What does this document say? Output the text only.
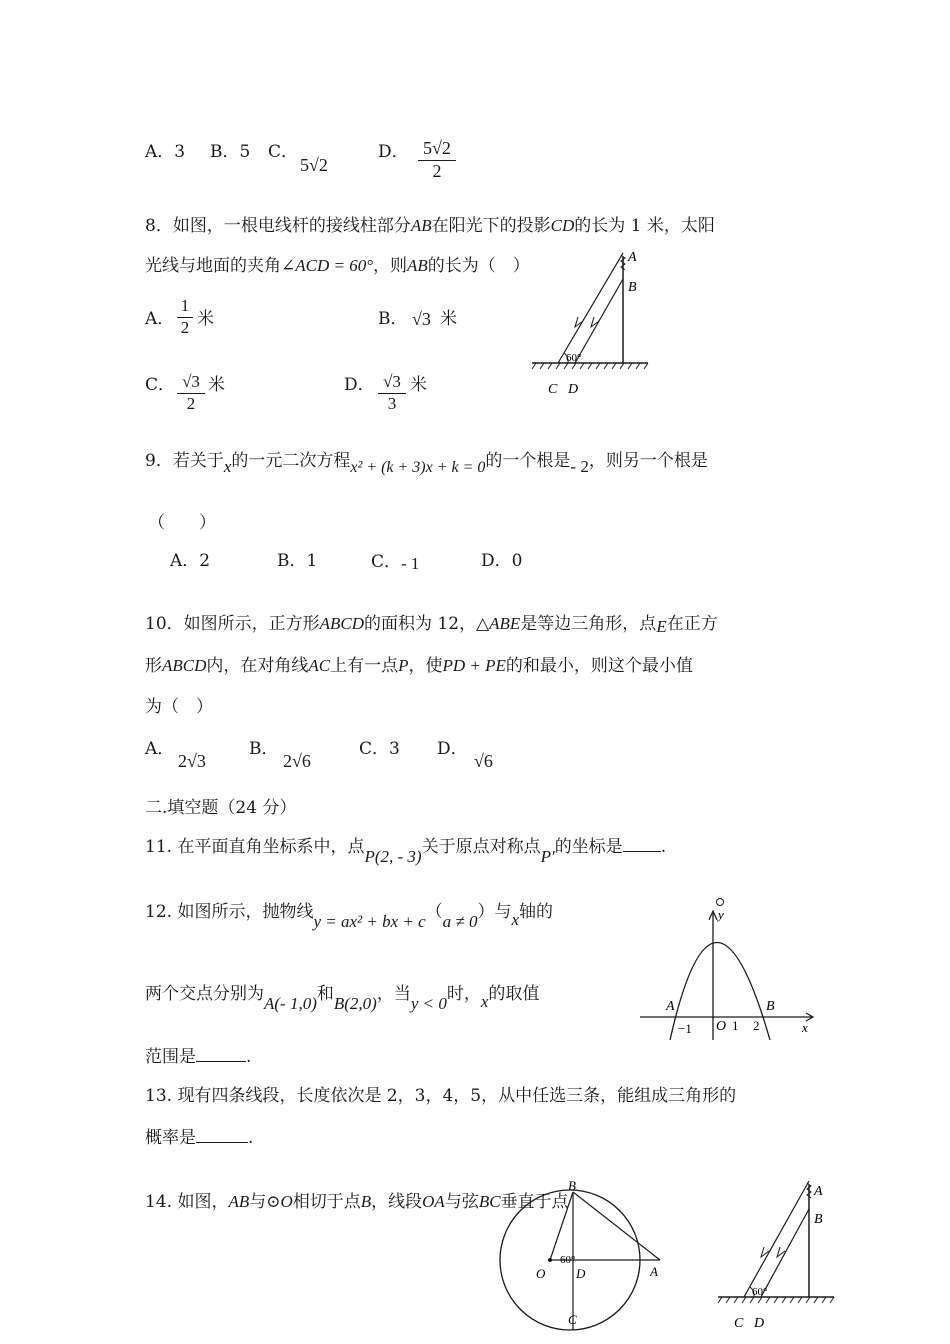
A．3 B．5 C．
5√2
D． 5√2
2
8．如图，一根电线杆的接线柱部分AB在阳光下的投影CD的长为 1 米，太阳
光线与地面的夹角∠ACD = 60°，则AB的长为（　）
A．
1
2 米	B． √3 米
C． √3
2
米	D． √3
3
米
60°
A
B
C D
9．若关于x的一元二次方程x² + (k + 3)x + k = 0的一个根是- 2，则另一个根是
（　　）
A．2	B．1	C．- 1	D．0
10．如图所示，正方形ABCD的面积为 12，△ABE是等边三角形，点E在正方
形ABCD内，在对角线AC上有一点P，使PD + PE的和最小，则这个最小值
为（　）
A．
2√3
B．
2√6
C．3 D．
√6
二.填空题（24 分）
11. 在平面直角坐标系中，点P(2, - 3)关于原点对称点P′的坐标是 .
12. 如图所示，抛物线y = ax² + bx + c（a ≠ 0）与x轴的
两个交点分别为A(- 1,0)和B(2,0)，当y < 0时，x的取值
范围是	.
y
x
A	B
−1 O 1 2
13. 现有四条线段，长度依次是 2，3，4，5，从中任选三条，能组成三角形的
概率是	.
14. 如图，AB与⊙O相切于点B，线段OA与弦BC垂直于点
60°
B
O D	A
C
60°
A
B
C D
